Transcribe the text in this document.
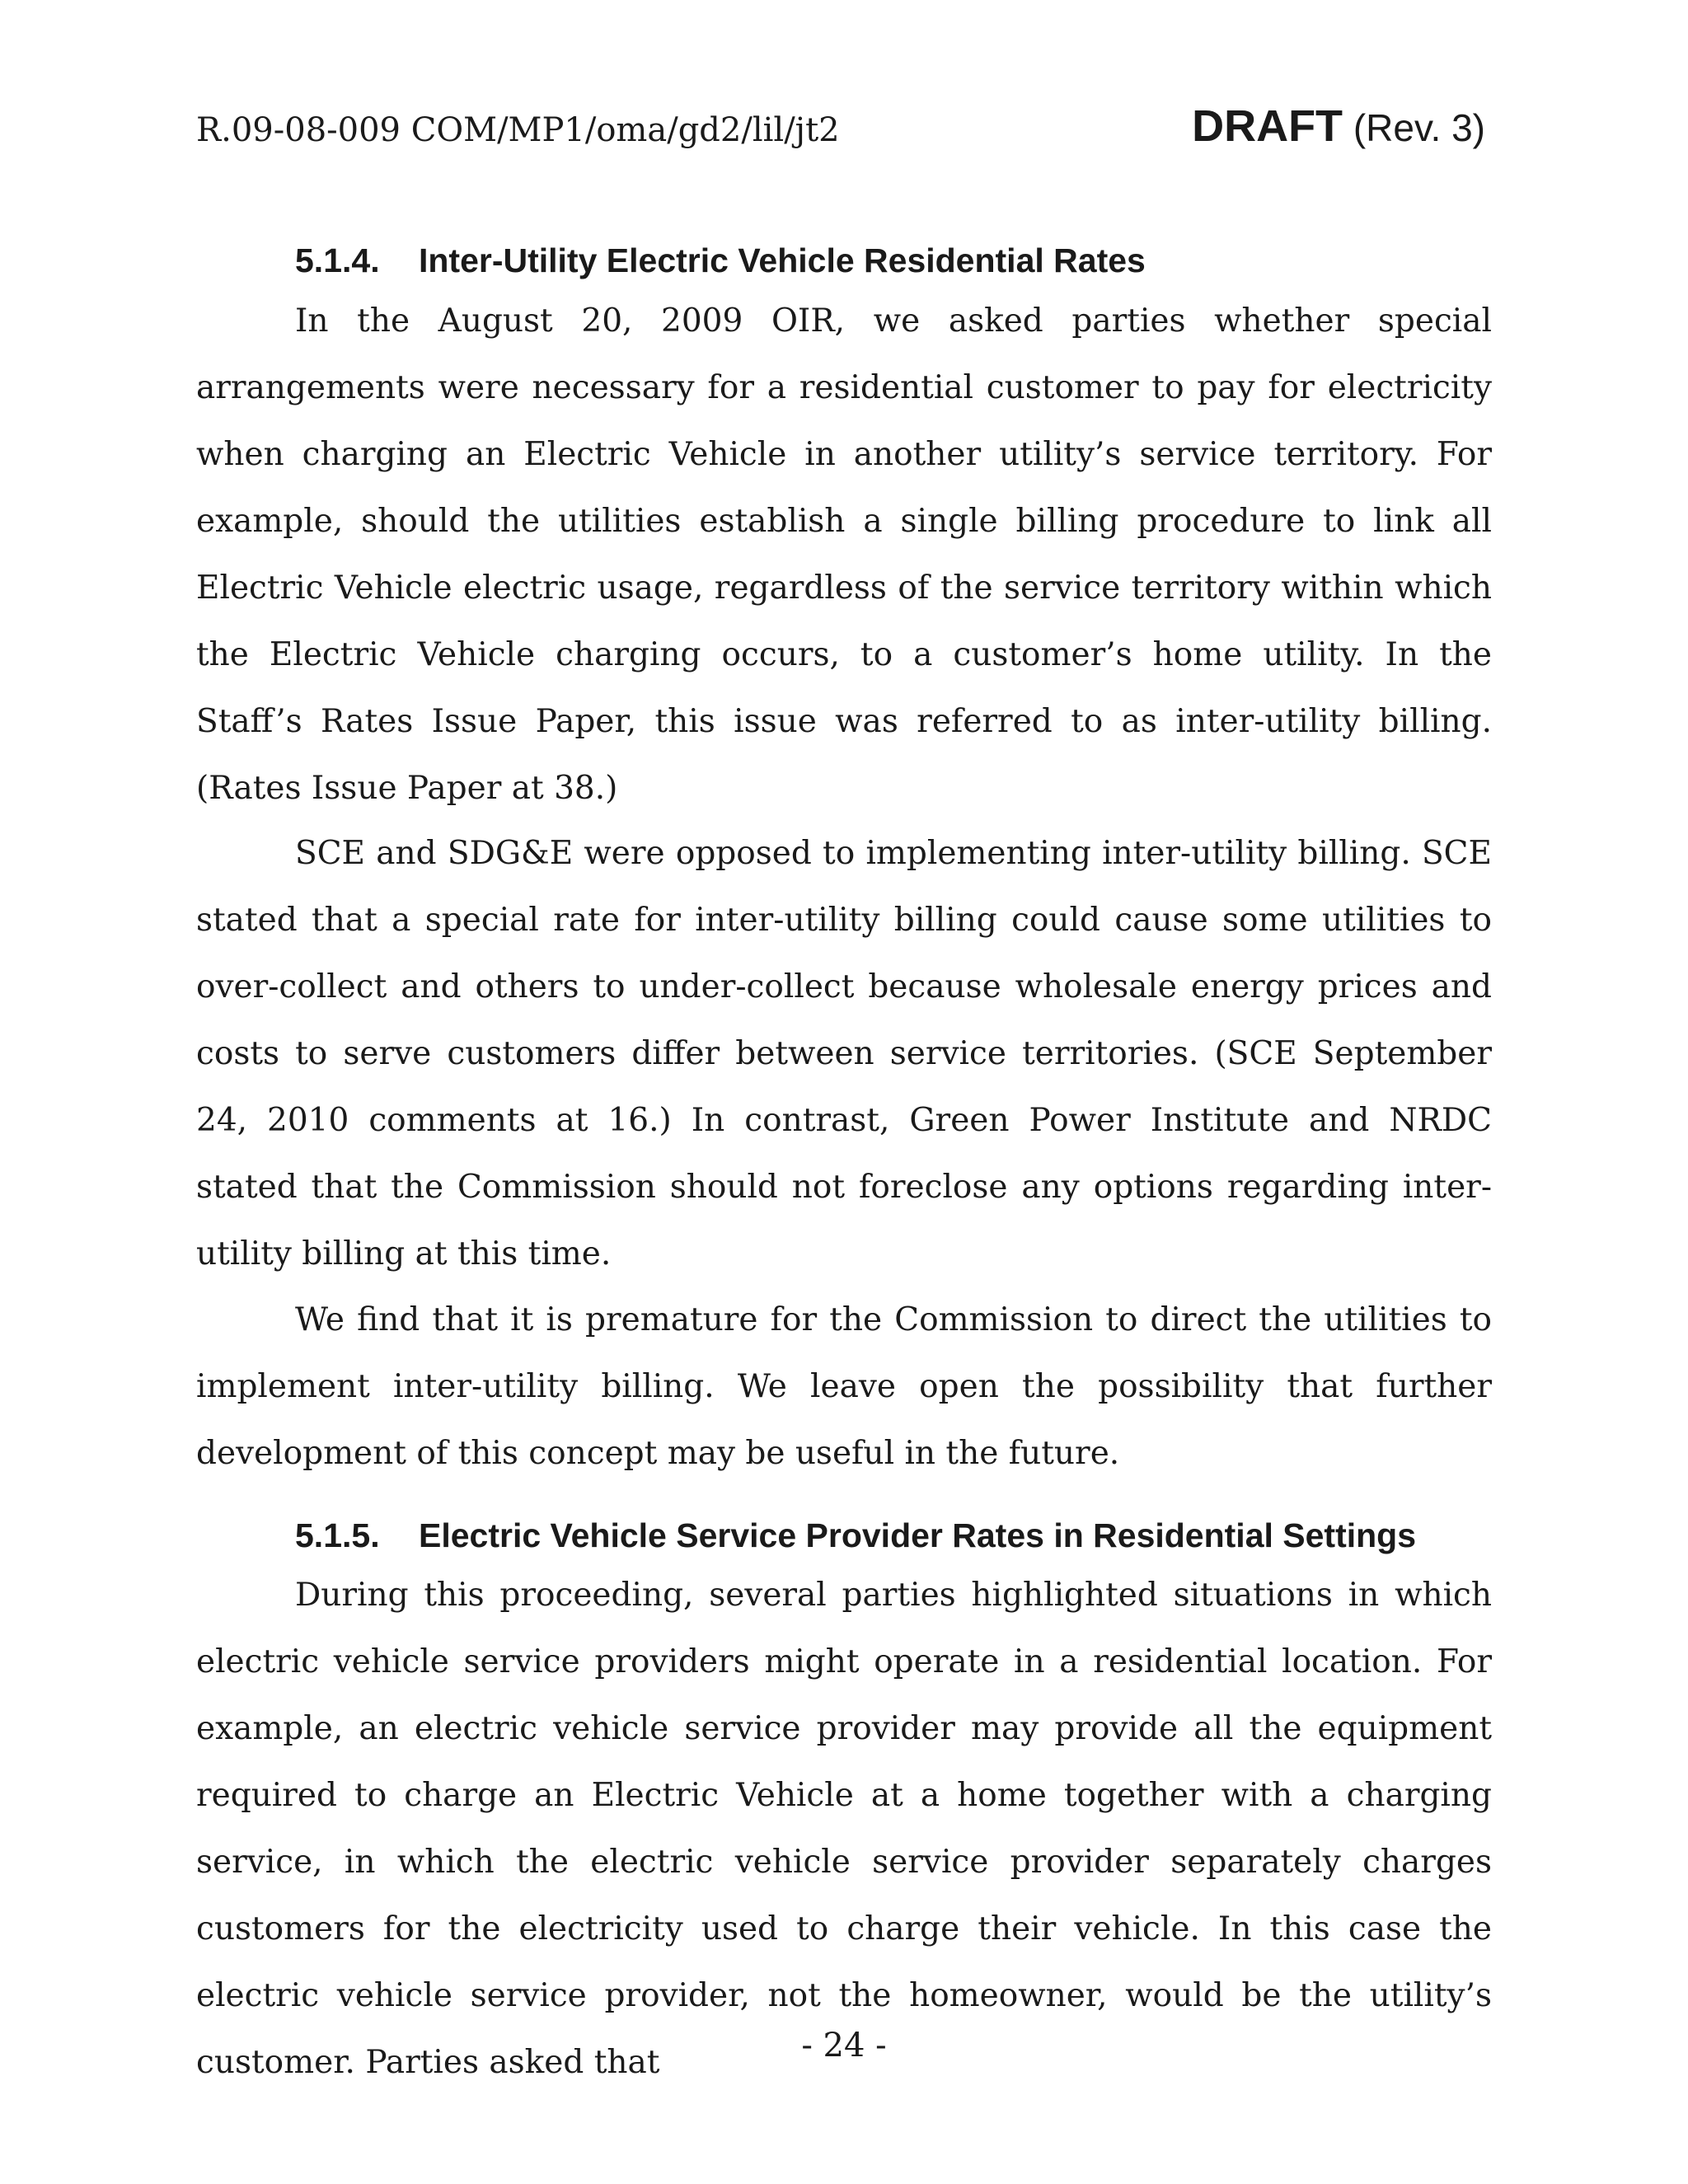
R.09-08-009 COM/MP1/oma/gd2/lil/jt2	DRAFT (Rev. 3)
5.1.4. Inter-Utility Electric Vehicle Residential Rates

In the August 20, 2009 OIR, we asked parties whether special arrangements were necessary for a residential customer to pay for electricity when charging an Electric Vehicle in another utility’s service territory. For example, should the utilities establish a single billing procedure to link all Electric Vehicle electric usage, regardless of the service territory within which the Electric Vehicle charging occurs, to a customer’s home utility. In the Staff’s Rates Issue Paper, this issue was referred to as inter-utility billing. (Rates Issue Paper at 38.)

SCE and SDG&E were opposed to implementing inter-utility billing. SCE stated that a special rate for inter-utility billing could cause some utilities to over-collect and others to under-collect because wholesale energy prices and costs to serve customers differ between service territories. (SCE September 24, 2010 comments at 16.) In contrast, Green Power Institute and NRDC stated that the Commission should not foreclose any options regarding inter-utility billing at this time.

We find that it is premature for the Commission to direct the utilities to implement inter-utility billing. We leave open the possibility that further development of this concept may be useful in the future.

5.1.5. Electric Vehicle Service Provider Rates in Residential Settings

During this proceeding, several parties highlighted situations in which electric vehicle service providers might operate in a residential location. For example, an electric vehicle service provider may provide all the equipment required to charge an Electric Vehicle at a home together with a charging service, in which the electric vehicle service provider separately charges customers for the electricity used to charge their vehicle. In this case the electric vehicle service provider, not the homeowner, would be the utility’s customer. Parties asked that	- 24 -
